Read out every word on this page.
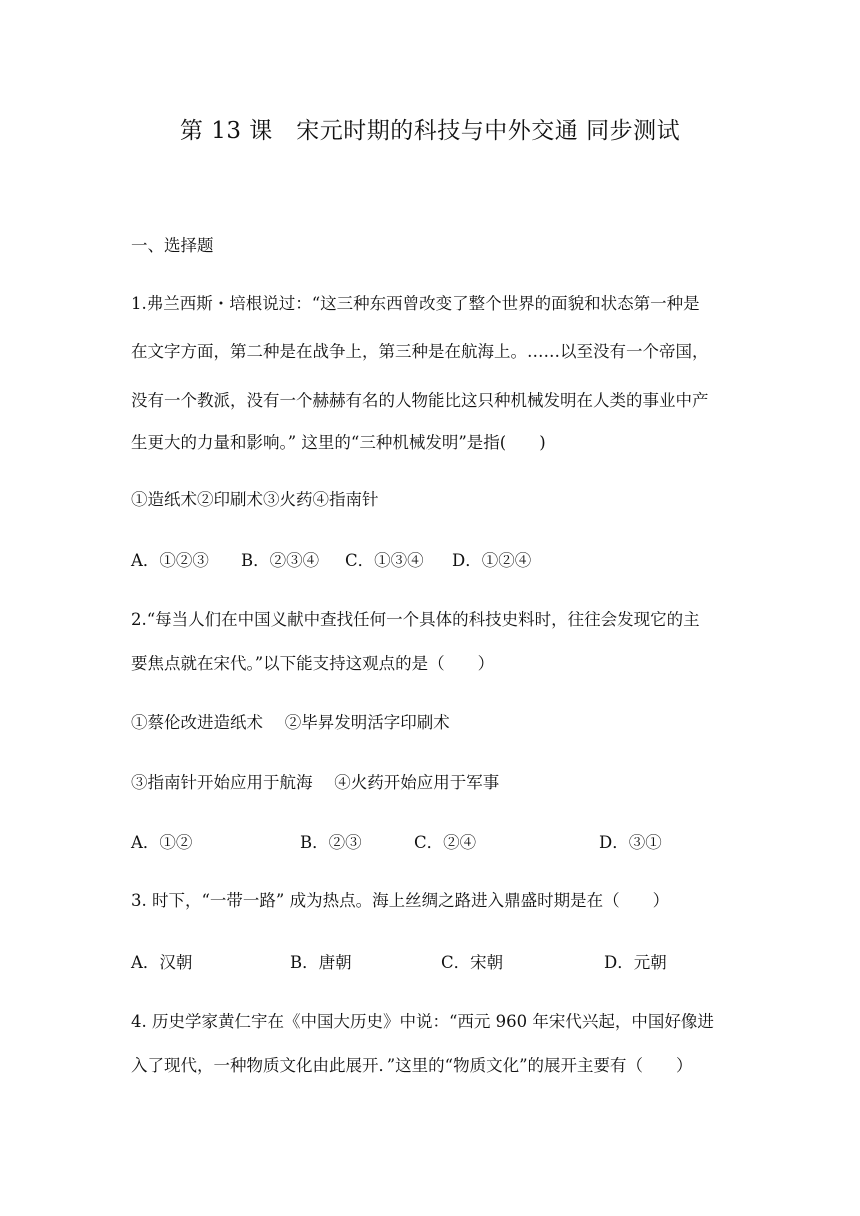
第 13 课　宋元时期的科技与中外交通 同步测试
一、选择题
1.弗兰西斯・培根说过：“这三种东西曾改变了整个世界的面貌和状态第一种是
在文字方面，第二种是在战争上，第三种是在航海上。……以至没有一个帝国，
没有一个教派，没有一个赫赫有名的人物能比这只种机械发明在人类的事业中产
生更大的力量和影响。” 这里的“三种机械发明”是指(　　)
①造纸术②印刷术③火药④指南针
A．①②③ B．②③④ C．①③④ D．①②④
2.“每当人们在中国义献中查找任何一个具体的科技史料时，往往会发现它的主
要焦点就在宋代。”以下能支持这观点的是（　　）
①蔡伦改进造纸术　 ②毕昇发明活字印刷术
③指南针开始应用于航海　 ④火药开始应用于军事
A．①②	B．②③	C．②④	D．③①
3. 时下，“一带一路” 成为热点。海上丝绸之路进入鼎盛时期是在（　　）
A．汉朝	B．唐朝	C．宋朝	D．元朝
4. 历史学家黄仁宇在《中国大历史》中说：“西元 960 年宋代兴起，中国好像进
入了现代，一种物质文化由此展开．”这里的“物质文化”的展开主要有（　　）
